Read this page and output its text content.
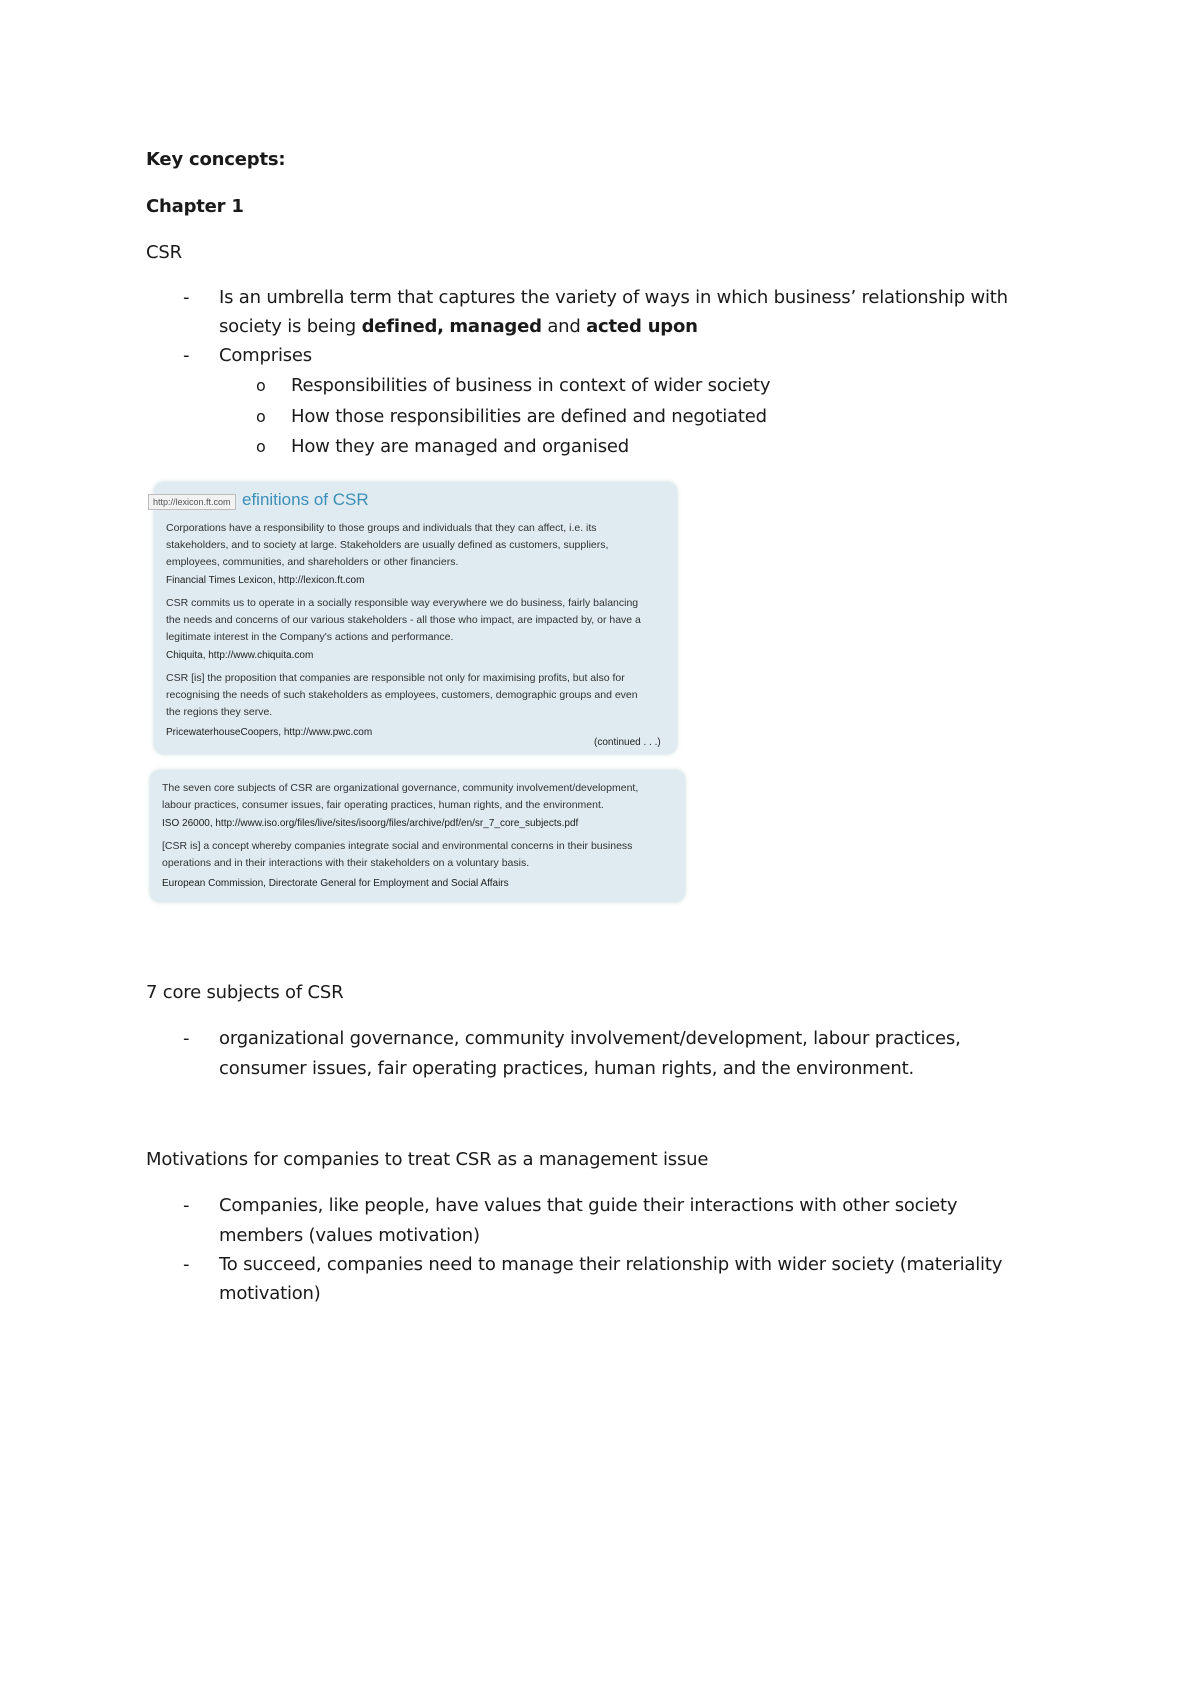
Key concepts:
Chapter 1
CSR
- Is an umbrella term that captures the variety of ways in which business’ relationship with
society is being defined, managed and acted upon
- Comprises
o Responsibilities of business in context of wider society
o How those responsibilities are defined and negotiated
o How they are managed and organised
efinitions of CSR
Corporations have a responsibility to those groups and individuals that they can affect, i.e. its
stakeholders, and to society at large. Stakeholders are usually defined as customers, suppliers,
employees, communities, and shareholders or other financiers.
Financial Times Lexicon, http://lexicon.ft.com
CSR commits us to operate in a socially responsible way everywhere we do business, fairly balancing
the needs and concerns of our various stakeholders - all those who impact, are impacted by, or have a
legitimate interest in the Company's actions and performance.
Chiquita, http://www.chiquita.com
CSR [is] the proposition that companies are responsible not only for maximising profits, but also for
recognising the needs of such stakeholders as employees, customers, demographic groups and even
the regions they serve.
PricewaterhouseCoopers, http://www.pwc.com
(continued . . .)
http://lexicon.ft.com
The seven core subjects of CSR are organizational governance, community involvement/development,
labour practices, consumer issues, fair operating practices, human rights, and the environment.
ISO 26000, http://www.iso.org/files/live/sites/isoorg/files/archive/pdf/en/sr_7_core_subjects.pdf
[CSR is] a concept whereby companies integrate social and environmental concerns in their business
operations and in their interactions with their stakeholders on a voluntary basis.
European Commission, Directorate General for Employment and Social Affairs
7 core subjects of CSR
- organizational governance, community involvement/development, labour practices,
consumer issues, fair operating practices, human rights, and the environment.
Motivations for companies to treat CSR as a management issue
- Companies, like people, have values that guide their interactions with other society
members (values motivation)
- To succeed, companies need to manage their relationship with wider society (materiality
motivation)
